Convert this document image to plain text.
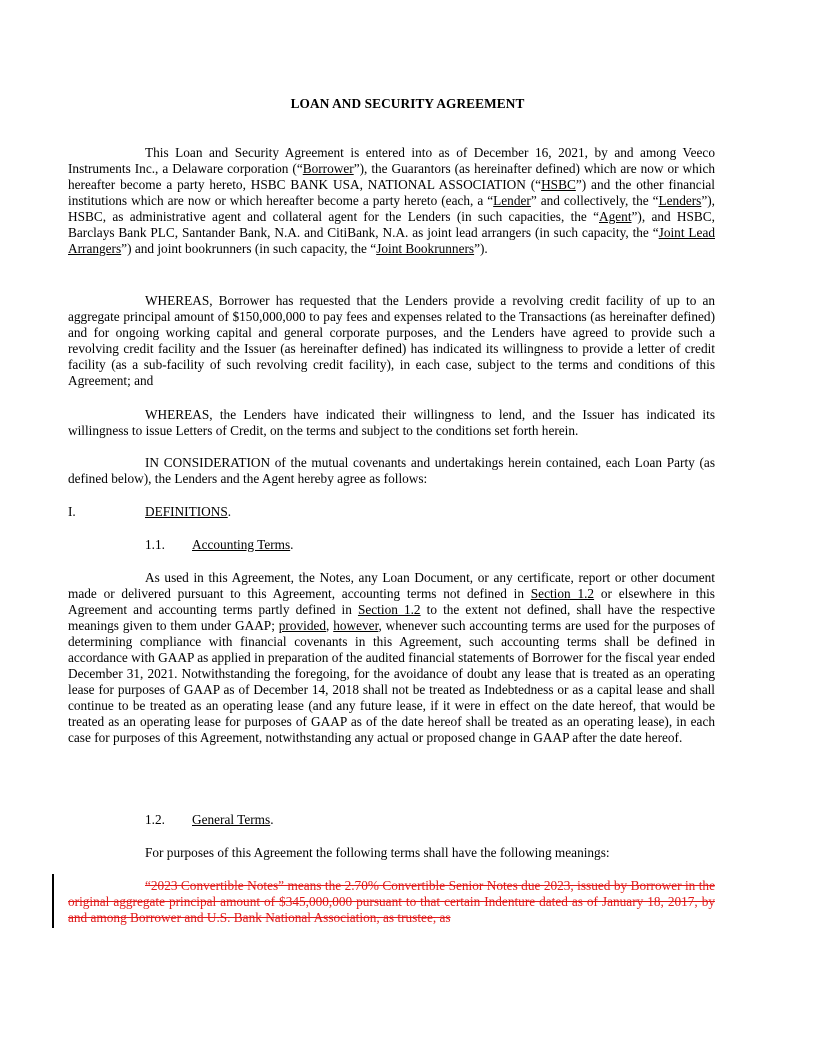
LOAN AND SECURITY AGREEMENT

This Loan and Security Agreement is entered into as of December 16, 2021, by and among Veeco Instruments Inc., a Delaware corporation (“Borrower”), the Guarantors (as hereinafter defined) which are now or which hereafter become a party hereto, HSBC BANK USA, NATIONAL ASSOCIATION (“HSBC”) and the other financial institutions which are now or which hereafter become a party hereto (each, a “Lender” and collectively, the “Lenders”), HSBC, as administrative agent and collateral agent for the Lenders (in such capacities, the “Agent”), and HSBC, Barclays Bank PLC, Santander Bank, N.A. and CitiBank, N.A. as joint lead arrangers (in such capacity, the “Joint Lead Arrangers”) and joint bookrunners (in such capacity, the “Joint Bookrunners”).

WHEREAS, Borrower has requested that the Lenders provide a revolving credit facility of up to an aggregate principal amount of $150,000,000 to pay fees and expenses related to the Transactions (as hereinafter defined) and for ongoing working capital and general corporate purposes, and the Lenders have agreed to provide such a revolving credit facility and the Issuer (as hereinafter defined) has indicated its willingness to provide a letter of credit facility (as a sub-facility of such revolving credit facility), in each case, subject to the terms and conditions of this Agreement; and

WHEREAS, the Lenders have indicated their willingness to lend, and the Issuer has indicated its willingness to issue Letters of Credit, on the terms and subject to the conditions set forth herein.

IN CONSIDERATION of the mutual covenants and undertakings herein contained, each Loan Party (as defined below), the Lenders and the Agent hereby agree as follows:

I.	DEFINITIONS.
1.1. Accounting Terms.

As used in this Agreement, the Notes, any Loan Document, or any certificate, report or other document made or delivered pursuant to this Agreement, accounting terms not defined in Section 1.2 or elsewhere in this Agreement and accounting terms partly defined in Section 1.2 to the extent not defined, shall have the respective meanings given to them under GAAP; provided, however, whenever such accounting terms are used for the purposes of determining compliance with financial covenants in this Agreement, such accounting terms shall be defined in accordance with GAAP as applied in preparation of the audited financial statements of Borrower for the fiscal year ended December 31, 2021. Notwithstanding the foregoing, for the avoidance of doubt any lease that is treated as an operating lease for purposes of GAAP as of December 14, 2018 shall not be treated as Indebtedness or as a capital lease and shall continue to be treated as an operating lease (and any future lease, if it were in effect on the date hereof, that would be treated as an operating lease for purposes of GAAP as of the date hereof shall be treated as an operating lease), in each case for purposes of this Agreement, notwithstanding any actual or proposed change in GAAP after the date hereof.

1.2. General Terms.

For purposes of this Agreement the following terms shall have the following meanings:

“2023 Convertible Notes” means the 2.70% Convertible Senior Notes due 2023, issued by Borrower in the original aggregate principal amount of $345,000,000 pursuant to that certain Indenture dated as of January 18, 2017, by and among Borrower and U.S. Bank National Association, as trustee, as
